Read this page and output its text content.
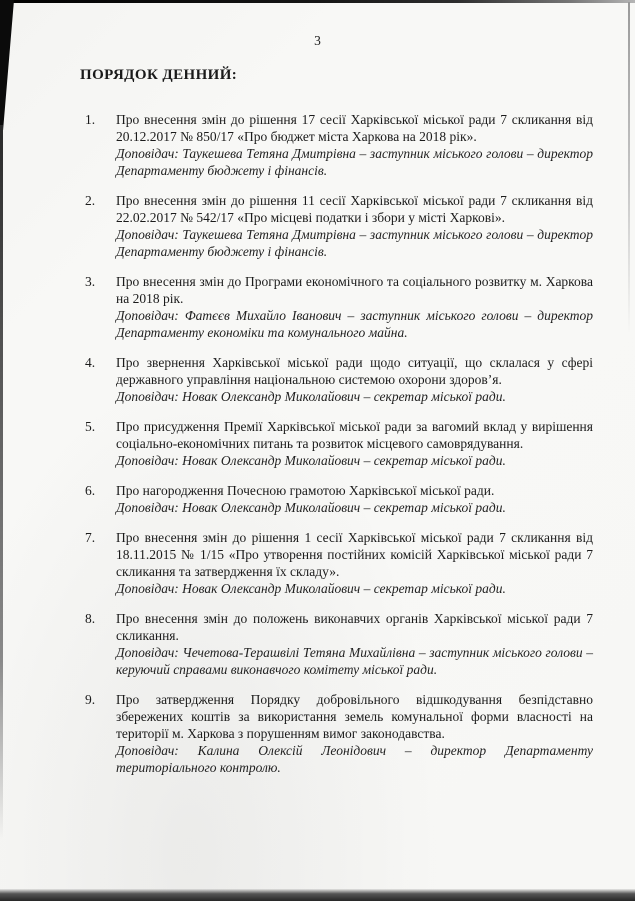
3
ПОРЯДОК ДЕННИЙ:
1.	Про внесення змін до рішення 17 сесії Харківської міської ради 7 скликання від 20.12.2017 № 850/17 «Про бюджет міста Харкова на 2018 рік».
Доповідач: Таукешева Тетяна Дмитрівна – заступник міського голови – директор Департаменту бюджету і фінансів.
2.	Про внесення змін до рішення 11 сесії Харківської міської ради 7 скликання від 22.02.2017 № 542/17 «Про місцеві податки і збори у місті Харкові».
Доповідач: Таукешева Тетяна Дмитрівна – заступник міського голови – директор Департаменту бюджету і фінансів.
3.	Про внесення змін до Програми економічного та соціального розвитку м. Харкова на 2018 рік.
Доповідач: Фатєєв Михайло Іванович – заступник міського голови – директор Департаменту економіки та комунального майна.
4.	Про звернення Харківської міської ради щодо ситуації, що склалася у сфері державного управління національною системою охорони здоров’я.
Доповідач: Новак Олександр Миколайович – секретар міської ради.
5.	Про присудження Премії Харківської міської ради за вагомий вклад у вирішення соціально-економічних питань та розвиток місцевого самоврядування.
Доповідач: Новак Олександр Миколайович – секретар міської ради.
6.	Про нагородження Почесною грамотою Харківської міської ради.
Доповідач: Новак Олександр Миколайович – секретар міської ради.
7.	Про внесення змін до рішення 1 сесії Харківської міської ради 7 скликання від 18.11.2015 № 1/15 «Про утворення постійних комісій Харківської міської ради 7 скликання та затвердження їх складу».
Доповідач: Новак Олександр Миколайович – секретар міської ради.
8.	Про внесення змін до положень виконавчих органів Харківської міської ради 7 скликання.
Доповідач: Чечетова-Терашвілі Тетяна Михайлівна – заступник міського голови – керуючий справами виконавчого комітету міської ради.
9.	Про затвердження Порядку добровільного відшкодування безпідставно збережених коштів за використання земель комунальної форми власності на території м. Харкова з порушенням вимог законодавства.
Доповідач: Калина Олексій Леонідович – директор Департаменту територіального контролю.
